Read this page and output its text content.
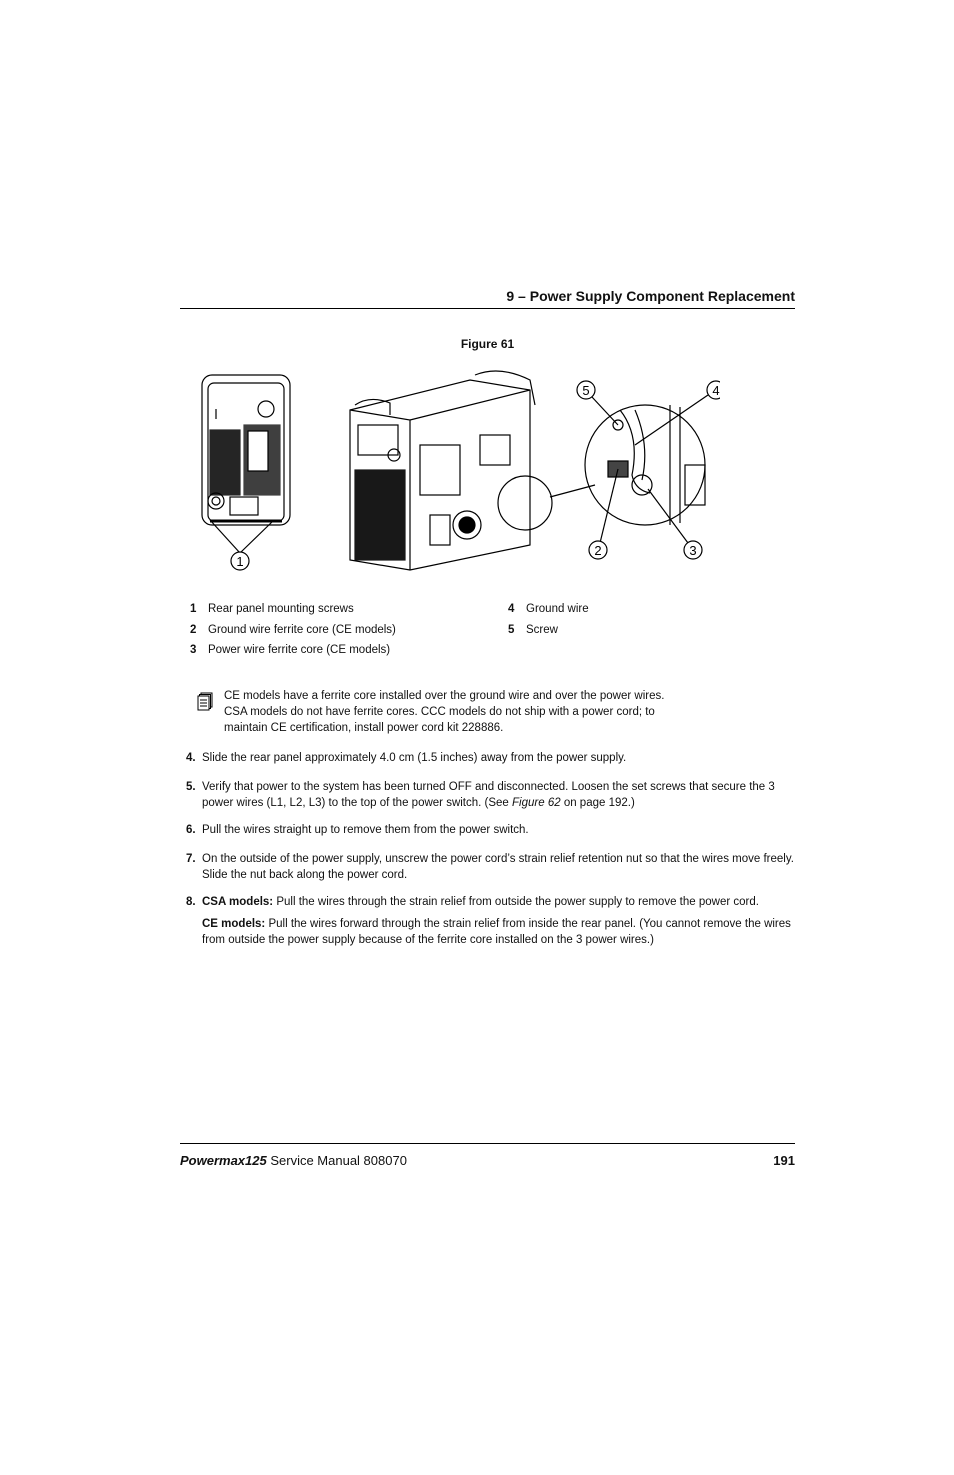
9 – Power Supply Component Replacement
Figure 61
1
5	4
2	3
1	Rear panel mounting screws
2	Ground wire ferrite core (CE models)
3	Power wire ferrite core (CE models)
4	Ground wire
5	Screw
CE models have a ferrite core installed over the ground wire and over the power wires. CSA models do not have ferrite cores. CCC models do not ship with a power cord; to maintain CE certification, install power cord kit 228886.
4. Slide the rear panel approximately 4.0 cm (1.5 inches) away from the power supply.
5. Verify that power to the system has been turned OFF and disconnected. Loosen the set screws that secure the 3 power wires (L1, L2, L3) to the top of the power switch. (See Figure 62 on page 192.)
6. Pull the wires straight up to remove them from the power switch.
7. On the outside of the power supply, unscrew the power cord’s strain relief retention nut so that the wires move freely. Slide the nut back along the power cord.
8. CSA models: Pull the wires through the strain relief from outside the power supply to remove the power cord.
CE models: Pull the wires forward through the strain relief from inside the rear panel. (You cannot remove the wires from outside the power supply because of the ferrite core installed on the 3 power wires.)
Powermax125 Service Manual 808070	191
